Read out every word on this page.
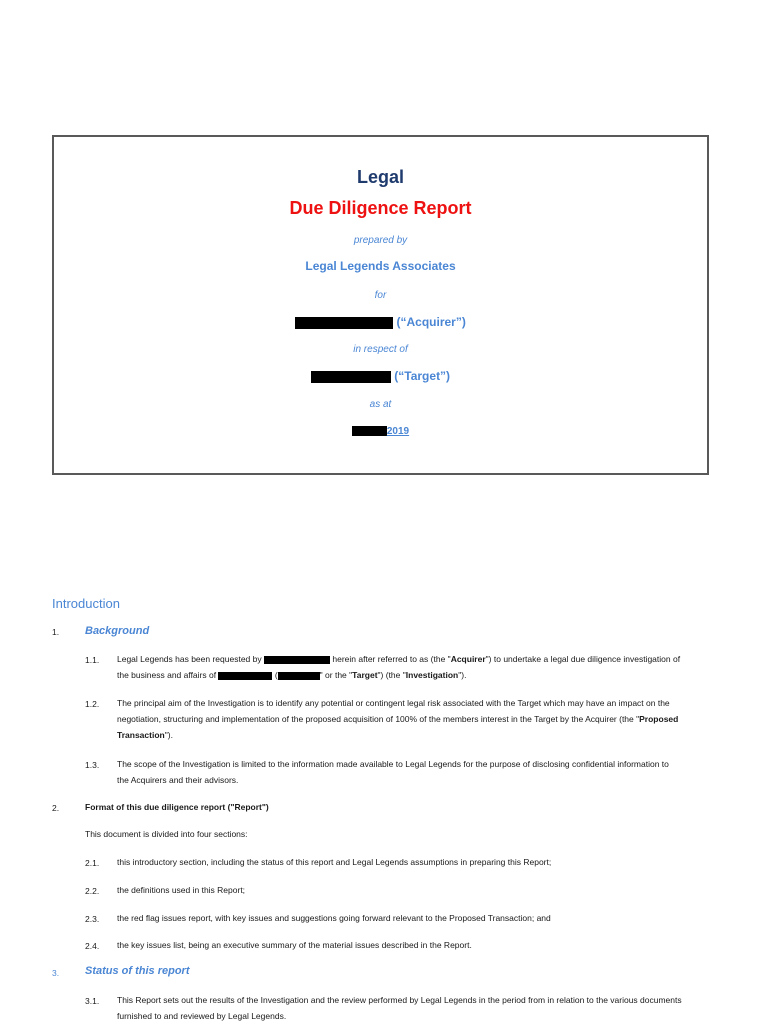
Legal
Due Diligence Report
prepared by
Legal Legends Associates
for
(“Acquirer”)
in respect of
(“Target”)
as at
2019
Introduction
1. Background
1.1. Legal Legends has been requested by	herein after referred to as (the "Acquirer") to undertake a legal due diligence investigation of
the business and affairs of	(	" or the "Target") (the "Investigation").
1.2. The principal aim of the Investigation is to identify any potential or contingent legal risk associated with the Target which may have an impact on the
negotiation, structuring and implementation of the proposed acquisition of 100% of the members interest in the Target by the Acquirer (the "Proposed
Transaction").
1.3. The scope of the Investigation is limited to the information made available to Legal Legends for the purpose of disclosing confidential information to
the Acquirers and their advisors.
2.	Format of this due diligence report ("Report")
This document is divided into four sections:
2.1. this introductory section, including the status of this report and Legal Legends assumptions in preparing this Report;
2.2. the definitions used in this Report;
2.3. the red flag issues report, with key issues and suggestions going forward relevant to the Proposed Transaction; and
2.4. the key issues list, being an executive summary of the material issues described in the Report.
3. Status of this report
3.1. This Report sets out the results of the Investigation and the review performed by Legal Legends in the period from in relation to the various documents
furnished to and reviewed by Legal Legends.
